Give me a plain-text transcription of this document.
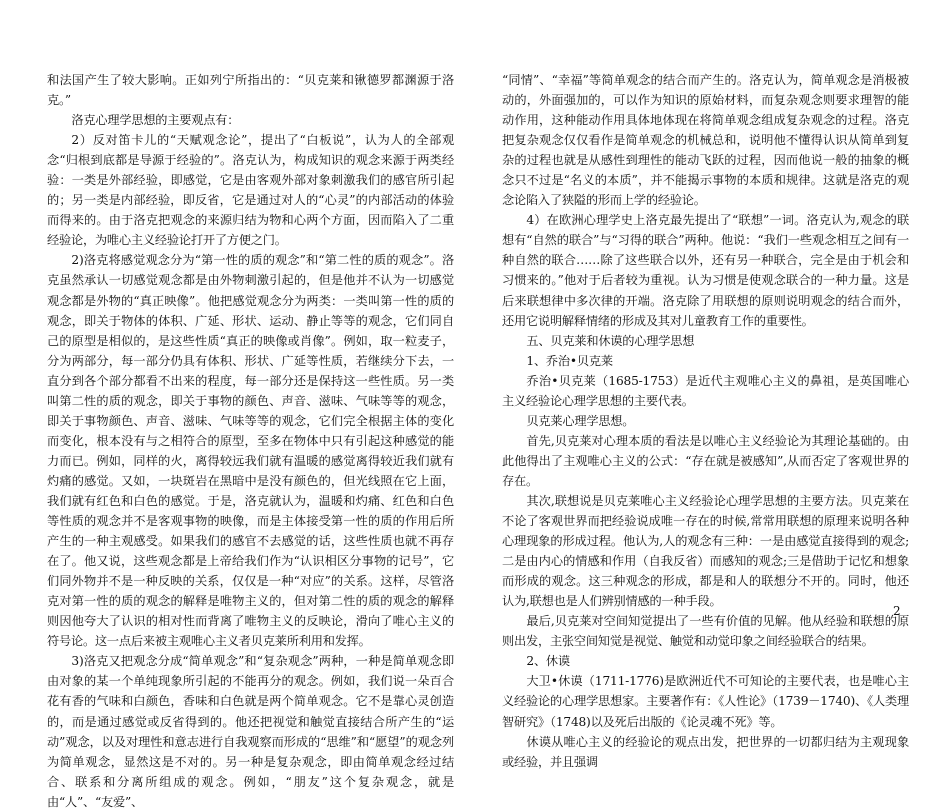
和法国产生了较大影响。正如列宁所指出的：“贝克莱和锹德罗都渊源于洛克。”

洛克心理学思想的主要观点有：

2）反对笛卡儿的“天赋观念论”，提出了“白板说”，认为人的全部观念“归根到底都是导源于经验的”。洛克认为，构成知识的观念来源于两类经验：一类是外部经验，即感觉，它是由客观外部对象刺激我们的感官所引起的；另一类是内部经验，即反省，它是通过对人的“心灵”的内部活动的体验而得来的。由于洛克把观念的来源归结为物和心两个方面，因而陷入了二重经验论，为唯心主义经验论打开了方便之门。

2)洛克将感觉观念分为“第一性的质的观念”和“第二性的质的观念”。洛克虽然承认一切感觉观念都是由外物刺激引起的，但是他并不认为一切感觉观念都是外物的“真正映像”。他把感觉观念分为两类：一类叫第一性的质的观念，即关于物体的体积、广延、形状、运动、静止等等的观念，它们同自己的原型是相似的，是这些性质“真正的映像或肖像”。例如，取一粒麦子，分为两部分，每一部分仍具有体积、形状、广延等性质，若继续分下去，一直分到各个部分都看不出来的程度，每一部分还是保持这一些性质。另一类叫第二性的质的观念，即关于事物的颜色、声音、滋味、气味等等的观念，即关于事物颜色、声音、滋味、气味等等的观念，它们完全根据主体的变化而变化，根本没有与之相符合的原型，至多在物体中只有引起这种感觉的能力而已。例如，同样的火，离得较远我们就有温暖的感觉离得较近我们就有灼痛的感觉。又如，一块斑岩在黑暗中是没有颜色的，但光线照在它上面，我们就有红色和白色的感觉。于是，洛克就认为，温暖和灼痛、红色和白色等性质的观念并不是客观事物的映像，而是主体接受第一性的质的作用后所产生的一种主观感受。如果我们的感官不去感觉的话，这些性质也就不再存在了。他又说，这些观念都是上帝给我们作为“认识相区分事物的记号”，它们同外物并不是一种反映的关系，仅仅是一种“对应”的关系。这样，尽管洛克对第一性的质的观念的解释是唯物主义的，但对第二性的质的观念的解释则因他夸大了认识的相对性而背离了唯物主义的反映论，滑向了唯心主义的符号论。这一点后来被主观唯心主义者贝克莱所利用和发挥。

3)洛克又把观念分成“简单观念”和“复杂观念”两种，一种是简单观念即由对象的某一个单纯现象所引起的不能再分的观念。例如，我们说一朵百合花有香的气味和白颜色，香味和白色就是两个简单观念。它不是靠心灵创造的，而是通过感觉或反省得到的。他还把视觉和触觉直接结合所产生的“运动”观念，以及对理性和意志进行自我观察而形成的“思维”和“愿望”的观念列为简单观念，显然这是不对的。另一种是复杂观念，即由简单观念经过结合、联系和分离所组成的观念。例如，“朋友”这个复杂观念，就是由“人”、“友爱”、

“同情”、“幸福”等简单观念的结合而产生的。洛克认为，简单观念是消极被动的，外面强加的，可以作为知识的原始材料，而复杂观念则要求理智的能动作用，这种能动作用具体地体现在将简单观念组成复杂观念的过程。洛克把复杂观念仅仅看作是简单观念的机械总和，说明他不懂得认识从简单到复杂的过程也就是从感性到理性的能动飞跃的过程，因而他说一般的抽象的概念只不过是“名义的本质”，并不能揭示事物的本质和规律。这就是洛克的观念论陷入了狭隘的形而上学的经验论。

4）在欧洲心理学史上洛克最先提出了“联想”一词。洛克认为,观念的联想有“自然的联合”与“习得的联合”两种。他说：“我们一些观念相互之间有一种自然的联合……除了这些联合以外，还有另一种联合，完全是由于机会和习惯来的。”他对于后者较为重视。认为习惯是使观念联合的一种力量。这是后来联想律中多次律的开端。洛克除了用联想的原则说明观念的结合而外，还用它说明解释情绪的形成及其对儿童教育工作的重要性。

五、贝克莱和休谟的心理学思想

1、乔治•贝克莱

乔治•贝克莱（1685-1753）是近代主观唯心主义的鼻祖，是英国唯心主义经验论心理学思想的主要代表。

贝克莱心理学思想。

首先,贝克莱对心理本质的看法是以唯心主义经验论为其理论基础的。由此他得出了主观唯心主义的公式：“存在就是被感知”,从而否定了客观世界的存在。

其次,联想说是贝克莱唯心主义经验论心理学思想的主要方法。贝克莱在不论了客观世界而把经验说成唯一存在的时候,常常用联想的原理来说明各种心理现象的形成过程。他认为,人的观念有三种：一是由感觉直接得到的观念;二是由内心的情感和作用（自我反省）而感知的观念;三是借助于记忆和想象而形成的观念。这三种观念的形成，都是和人的联想分不开的。同时，他还认为,联想也是人们辨别情感的一种手段。

最后,贝克莱对空间知觉提出了一些有价值的见解。他从经验和联想的原则出发，主张空间知觉是视觉、触觉和动觉印象之间经验联合的结果。

2、休谟

大卫•休谟（1711-1776)是欧洲近代不可知论的主要代表，也是唯心主义经验论的心理学思想家。主要著作有：《人性论》（1739－1740)、《人类理智研究》（1748)以及死后出版的《论灵魂不死》等。

休谟从唯心主义的经验论的观点出发，把世界的一切都归结为主观现象或经验，并且强调

2
